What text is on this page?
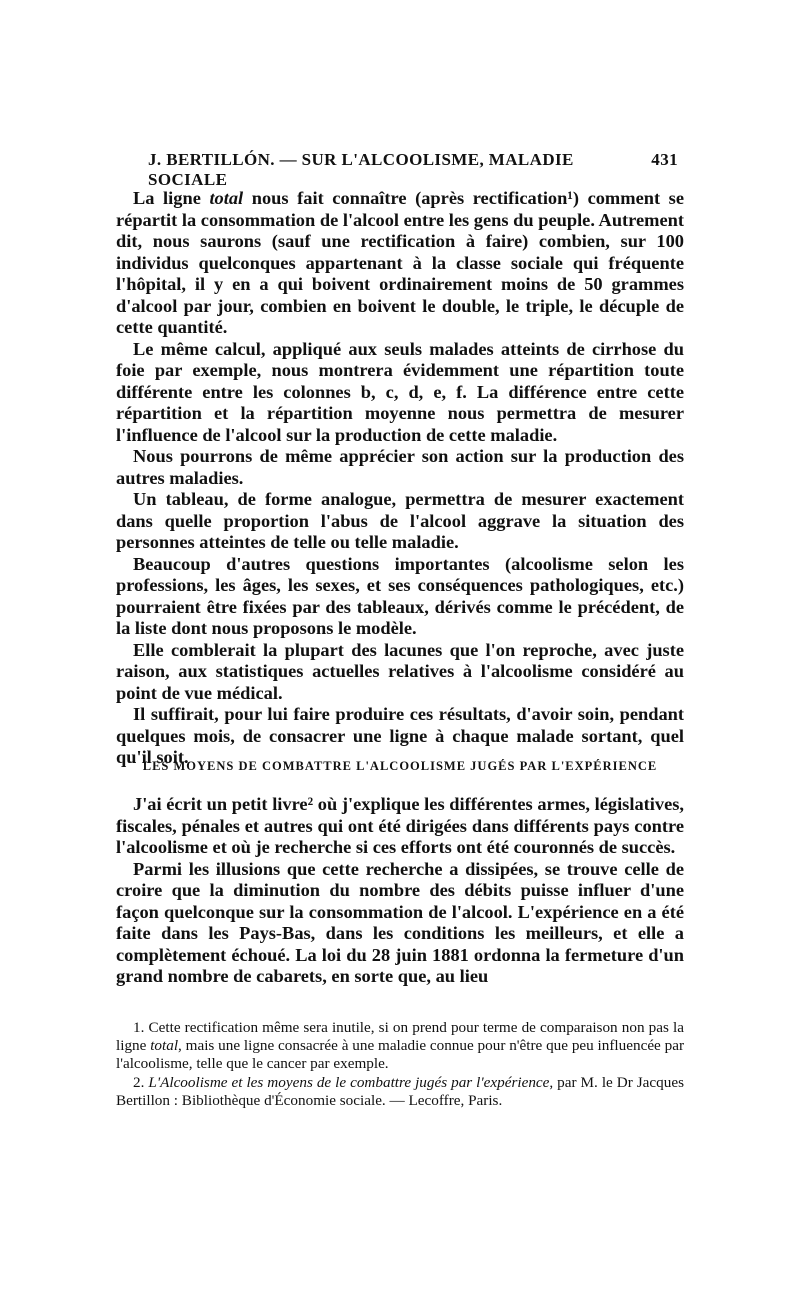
J. BERTILLÓN. — SUR L'ALCOOLISME, MALADIE SOCIALE
431

La ligne total nous fait connaître (après rectification¹) comment se répartit la consommation de l'alcool entre les gens du peuple. Autrement dit, nous saurons (sauf une rectification à faire) combien, sur 100 individus quelconques appartenant à la classe sociale qui fréquente l'hôpital, il y en a qui boivent ordinairement moins de 50 grammes d'alcool par jour, combien en boivent le double, le triple, le décuple de cette quantité.

Le même calcul, appliqué aux seuls malades atteints de cirrhose du foie par exemple, nous montrera évidemment une répartition toute différente entre les colonnes b, c, d, e, f. La différence entre cette répartition et la répartition moyenne nous permettra de mesurer l'influence de l'alcool sur la production de cette maladie.

Nous pourrons de même apprécier son action sur la production des autres maladies.

Un tableau, de forme analogue, permettra de mesurer exactement dans quelle proportion l'abus de l'alcool aggrave la situation des personnes atteintes de telle ou telle maladie.

Beaucoup d'autres questions importantes (alcoolisme selon les professions, les âges, les sexes, et ses conséquences pathologiques, etc.) pourraient être fixées par des tableaux, dérivés comme le précédent, de la liste dont nous proposons le modèle.

Elle comblerait la plupart des lacunes que l'on reproche, avec juste raison, aux statistiques actuelles relatives à l'alcoolisme considéré au point de vue médical.

Il suffirait, pour lui faire produire ces résultats, d'avoir soin, pendant quelques mois, de consacrer une ligne à chaque malade sortant, quel qu'il soit.

LES MOYENS DE COMBATTRE L'ALCOOLISME JUGÉS PAR L'EXPÉRIENCE

J'ai écrit un petit livre² où j'explique les différentes armes, législatives, fiscales, pénales et autres qui ont été dirigées dans différents pays contre l'alcoolisme et où je recherche si ces efforts ont été couronnés de succès.

Parmi les illusions que cette recherche a dissipées, se trouve celle de croire que la diminution du nombre des débits puisse influer d'une façon quelconque sur la consommation de l'alcool. L'expérience en a été faite dans les Pays-Bas, dans les conditions les meilleurs, et elle a complètement échoué. La loi du 28 juin 1881 ordonna la fermeture d'un grand nombre de cabarets, en sorte que, au lieu

1. Cette rectification même sera inutile, si on prend pour terme de comparaison non pas la ligne total, mais une ligne consacrée à une maladie connue pour n'être que peu influencée par l'alcoolisme, telle que le cancer par exemple.

2. L'Alcoolisme et les moyens de le combattre jugés par l'expérience, par M. le Dr Jacques Bertillon : Bibliothèque d'Économie sociale. — Lecoffre, Paris.
